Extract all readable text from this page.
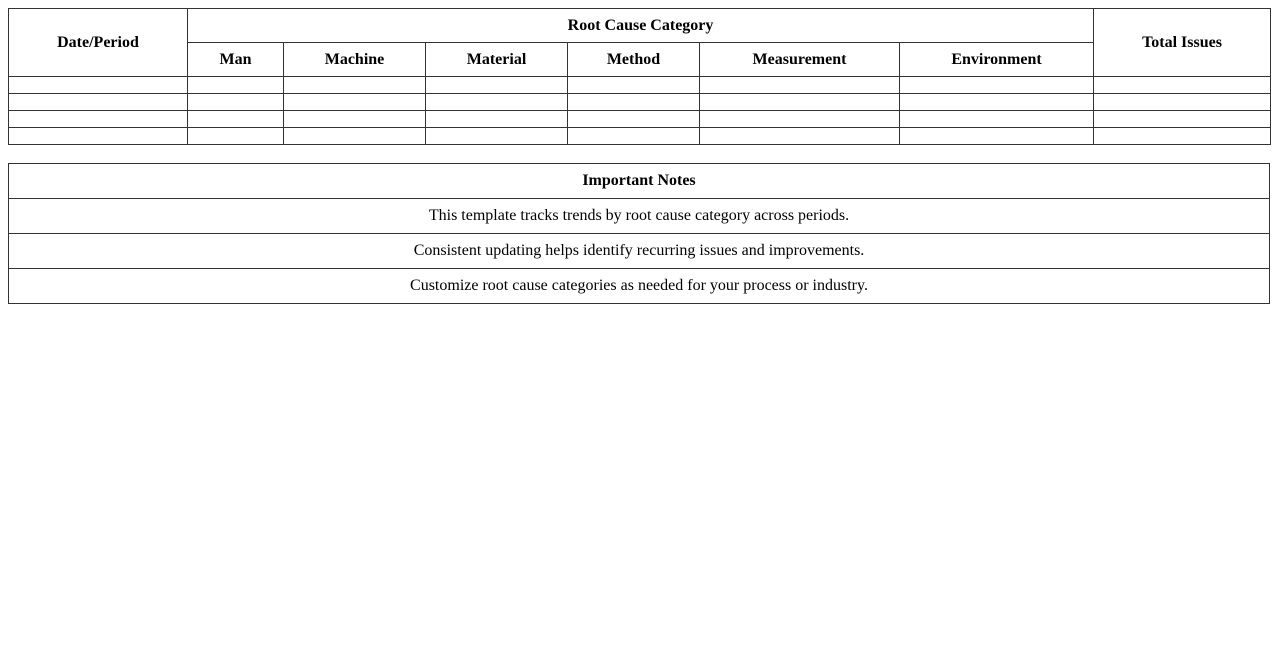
Date/Period	Root Cause Category						Total Issues
	Man	Machine	Material	Method	Measurement	Environment	

Important Notes
This template tracks trends by root cause category across periods.
Consistent updating helps identify recurring issues and improvements.
Customize root cause categories as needed for your process or industry.
